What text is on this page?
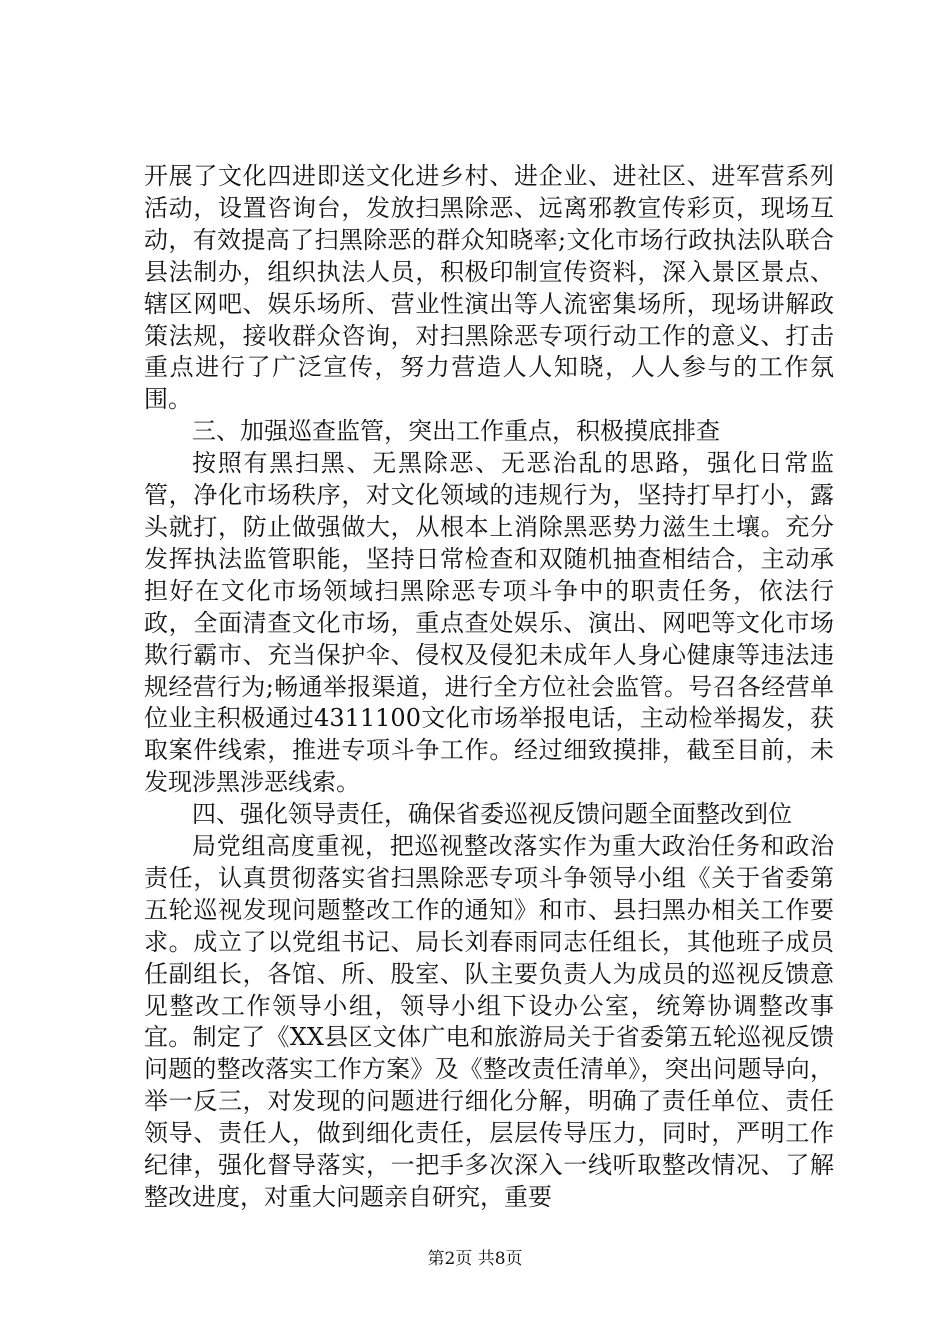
开展了文化四进即送文化进乡村、进企业、进社区、进军营系列活动，设置咨询台，发放扫黑除恶、远离邪教宣传彩页，现场互动，有效提高了扫黑除恶的群众知晓率;文化市场行政执法队联合县法制办，组织执法人员，积极印制宣传资料，深入景区景点、辖区网吧、娱乐场所、营业性演出等人流密集场所，现场讲解政策法规，接收群众咨询，对扫黑除恶专项行动工作的意义、打击重点进行了广泛宣传，努力营造人人知晓，人人参与的工作氛围。

三、加强巡查监管，突出工作重点，积极摸底排查

按照有黑扫黑、无黑除恶、无恶治乱的思路，强化日常监管，净化市场秩序，对文化领域的违规行为，坚持打早打小，露头就打，防止做强做大，从根本上消除黑恶势力滋生土壤。充分发挥执法监管职能，坚持日常检查和双随机抽查相结合，主动承担好在文化市场领域扫黑除恶专项斗争中的职责任务，依法行政，全面清查文化市场，重点查处娱乐、演出、网吧等文化市场欺行霸市、充当保护伞、侵权及侵犯未成年人身心健康等违法违规经营行为;畅通举报渠道，进行全方位社会监管。号召各经营单位业主积极通过4311100文化市场举报电话，主动检举揭发，获取案件线索，推进专项斗争工作。经过细致摸排，截至目前，未发现涉黑涉恶线索。

四、强化领导责任，确保省委巡视反馈问题全面整改到位

局党组高度重视，把巡视整改落实作为重大政治任务和政治责任，认真贯彻落实省扫黑除恶专项斗争领导小组《关于省委第五轮巡视发现问题整改工作的通知》和市、县扫黑办相关工作要求。成立了以党组书记、局长刘春雨同志任组长，其他班子成员任副组长，各馆、所、股室、队主要负责人为成员的巡视反馈意见整改工作领导小组，领导小组下设办公室，统筹协调整改事宜。制定了《XX县区文体广电和旅游局关于省委第五轮巡视反馈问题的整改落实工作方案》及《整改责任清单》，突出问题导向，举一反三，对发现的问题进行细化分解，明确了责任单位、责任领导、责任人，做到细化责任，层层传导压力，同时，严明工作纪律，强化督导落实，一把手多次深入一线听取整改情况、了解整改进度，对重大问题亲自研究，重要

第2页 共8页
